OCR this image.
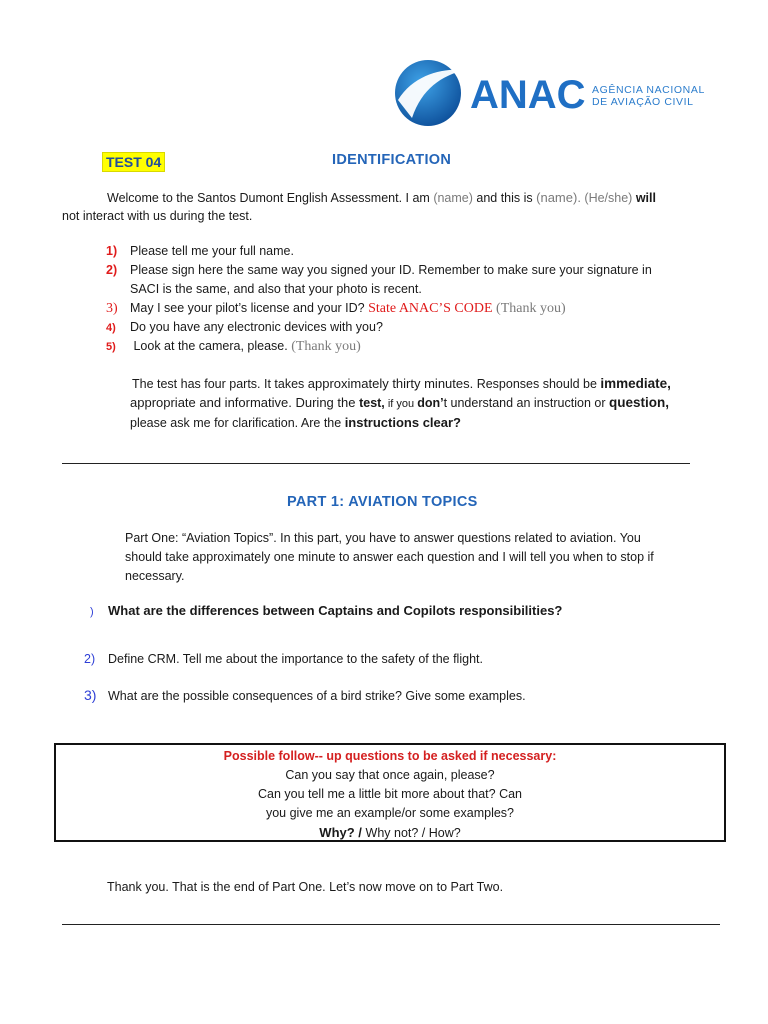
ANAC AGÊNCIA NACIONAL
DE AVIAÇÃO CIVIL
TEST 04	IDENTIFICATION
Welcome to the Santos Dumont English Assessment. I am (name) and this is (name). (He/she) will
not interact with us during the test.
1) Please tell me your full name.
2) Please sign here the same way you signed your ID. Remember to make sure your signature in
SACI is the same, and also that your photo is recent.
3) May I see your pilot’s license and your ID? State ANAC’S CODE (Thank you)
4) Do you have any electronic devices with you?
5) Look at the camera, please. (Thank you)
The test has four parts. It takes approximately thirty minutes. Responses should be immediate,
appropriate and informative. During the test, if you don’t understand an instruction or question,
please ask me for clarification. Are the instructions clear?
PART 1: AVIATION TOPICS
Part One: “Aviation Topics”. In this part, you have to answer questions related to aviation. You
should take approximately one minute to answer each question and I will tell you when to stop if
necessary.
) What are the differences between Captains and Copilots responsibilities?
2) Define CRM. Tell me about the importance to the safety of the flight.
3) What are the possible consequences of a bird strike? Give some examples.
Possible follow-- up questions to be asked if necessary:
Can you say that once again, please?
Can you tell me a little bit more about that? Can
you give me an example/or some examples?
Why? / Why not? / How?
Thank you. That is the end of Part One. Let’s now move on to Part Two.
